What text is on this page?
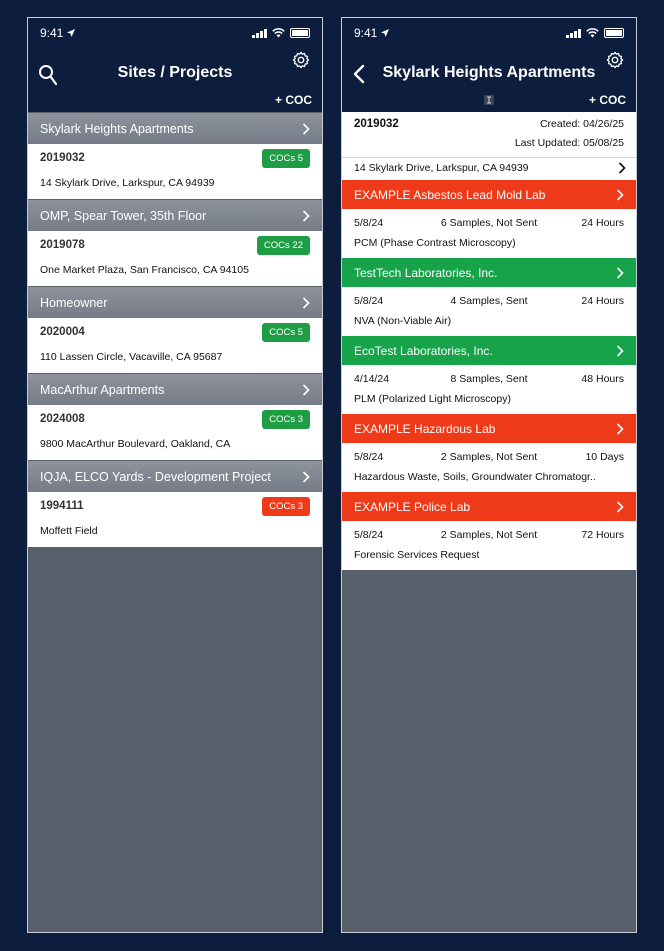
9:41
Sites / Projects
+ COC
Skylark Heights Apartments
2019032	COCs 5
14 Skylark Drive, Larkspur, CA 94939
OMP, Spear Tower, 35th Floor
2019078	COCs 22
One Market Plaza, San Francisco, CA 94105
Homeowner
2020004	COCs 5
110 Lassen Circle, Vacaville, CA 95687
MacArthur Apartments
2024008	COCs 3
9800 MacArthur Boulevard, Oakland, CA
IQJA, ELCO Yards - Development Project
1994111	COCs 3
Moffett Field
9:41
Skylark Heights Apartments
+ COC
2019032	Created: 04/26/25
Last Updated: 05/08/25
14 Skylark Drive, Larkspur, CA 94939
EXAMPLE Asbestos Lead Mold Lab
5/8/24	6 Samples, Not Sent	24 Hours
PCM (Phase Contrast Microscopy)
TestTech Laboratories, Inc.
5/8/24	4 Samples, Sent	24 Hours
NVA (Non-Viable Air)
EcoTest Laboratories, Inc.
4/14/24	8 Samples, Sent	48 Hours
PLM (Polarized Light Microscopy)
EXAMPLE Hazardous Lab
5/8/24	2 Samples, Not Sent	10 Days
Hazardous Waste, Soils, Groundwater Chromatogr..
EXAMPLE Police Lab
5/8/24	2 Samples, Not Sent	72 Hours
Forensic Services Request
